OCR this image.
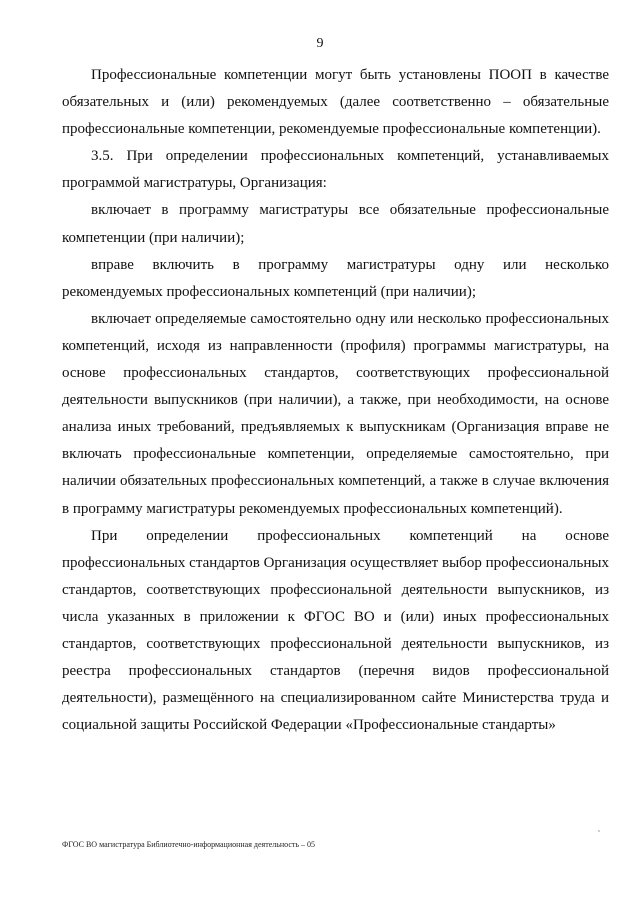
9

Профессиональные компетенции могут быть установлены ПООП в качестве обязательных и (или) рекомендуемых (далее соответственно – обязательные профессиональные компетенции, рекомендуемые профессиональные компетенции).

3.5. При определении профессиональных компетенций, устанавливаемых программой магистратуры, Организация:

включает в программу магистратуры все обязательные профессиональные компетенции (при наличии);

вправе включить в программу магистратуры одну или несколько рекомендуемых профессиональных компетенций (при наличии);

включает определяемые самостоятельно одну или несколько профессиональных компетенций, исходя из направленности (профиля) программы магистратуры, на основе профессиональных стандартов, соответствующих профессиональной деятельности выпускников (при наличии), а также, при необходимости, на основе анализа иных требований, предъявляемых к выпускникам (Организация вправе не включать профессиональные компетенции, определяемые самостоятельно, при наличии обязательных профессиональных компетенций, а также в случае включения в программу магистратуры рекомендуемых профессиональных компетенций).

При определении профессиональных компетенций на основе профессиональных стандартов Организация осуществляет выбор профессиональных стандартов, соответствующих профессиональной деятельности выпускников, из числа указанных в приложении к ФГОС ВО и (или) иных профессиональных стандартов, соответствующих профессиональной деятельности выпускников, из реестра профессиональных стандартов (перечня видов профессиональной деятельности), размещённого на специализированном сайте Министерства труда и социальной защиты Российской Федерации «Профессиональные стандарты»

ФГОС ВО магистратура Библиотечно-информационная деятельность – 05
